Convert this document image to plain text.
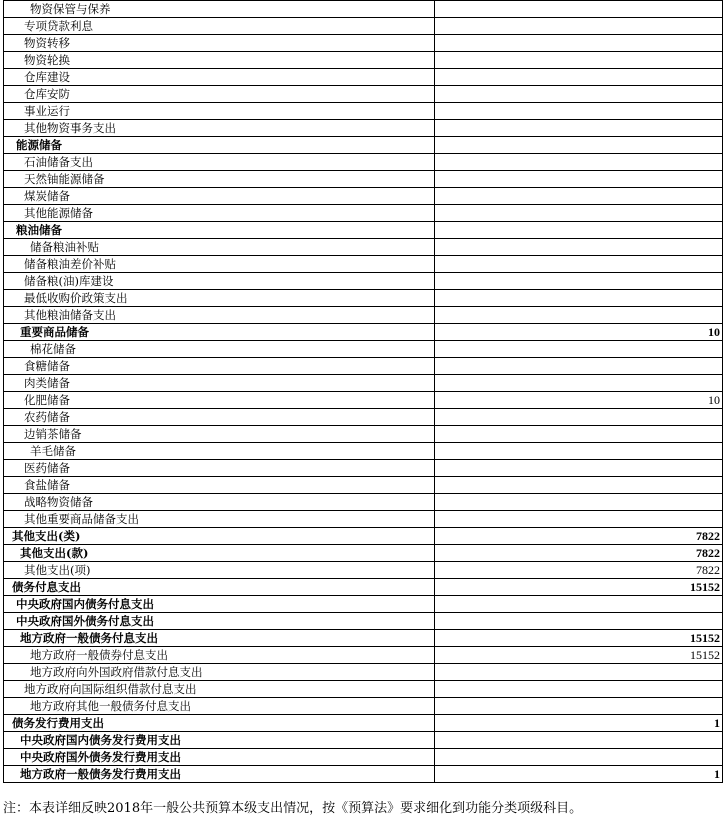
物资保管与保养	
专项贷款利息	
物资转移	
物资轮换	
仓库建设	
仓库安防	
事业运行	
其他物资事务支出	
能源储备	
石油储备支出	
天然铀能源储备	
煤炭储备	
其他能源储备	
粮油储备	
储备粮油补贴	
储备粮油差价补贴	
储备粮(油)库建设	
最低收购价政策支出	
其他粮油储备支出	
重要商品储备	10
棉花储备	
食糖储备	
肉类储备	
化肥储备	10
农药储备	
边销茶储备	
羊毛储备	
医药储备	
食盐储备	
战略物资储备	
其他重要商品储备支出	
其他支出(类)	7822
其他支出(款)	7822
其他支出(项)	7822
债务付息支出	15152
中央政府国内债务付息支出	
中央政府国外债务付息支出	
地方政府一般债务付息支出	15152
地方政府一般债券付息支出	15152
地方政府向外国政府借款付息支出	
地方政府向国际组织借款付息支出	
地方政府其他一般债务付息支出	
债务发行费用支出	1
中央政府国内债务发行费用支出	
中央政府国外债务发行费用支出	
地方政府一般债务发行费用支出	1
注：本表详细反映2018年一般公共预算本级支出情况，按《预算法》要求细化到功能分类项级科目。
